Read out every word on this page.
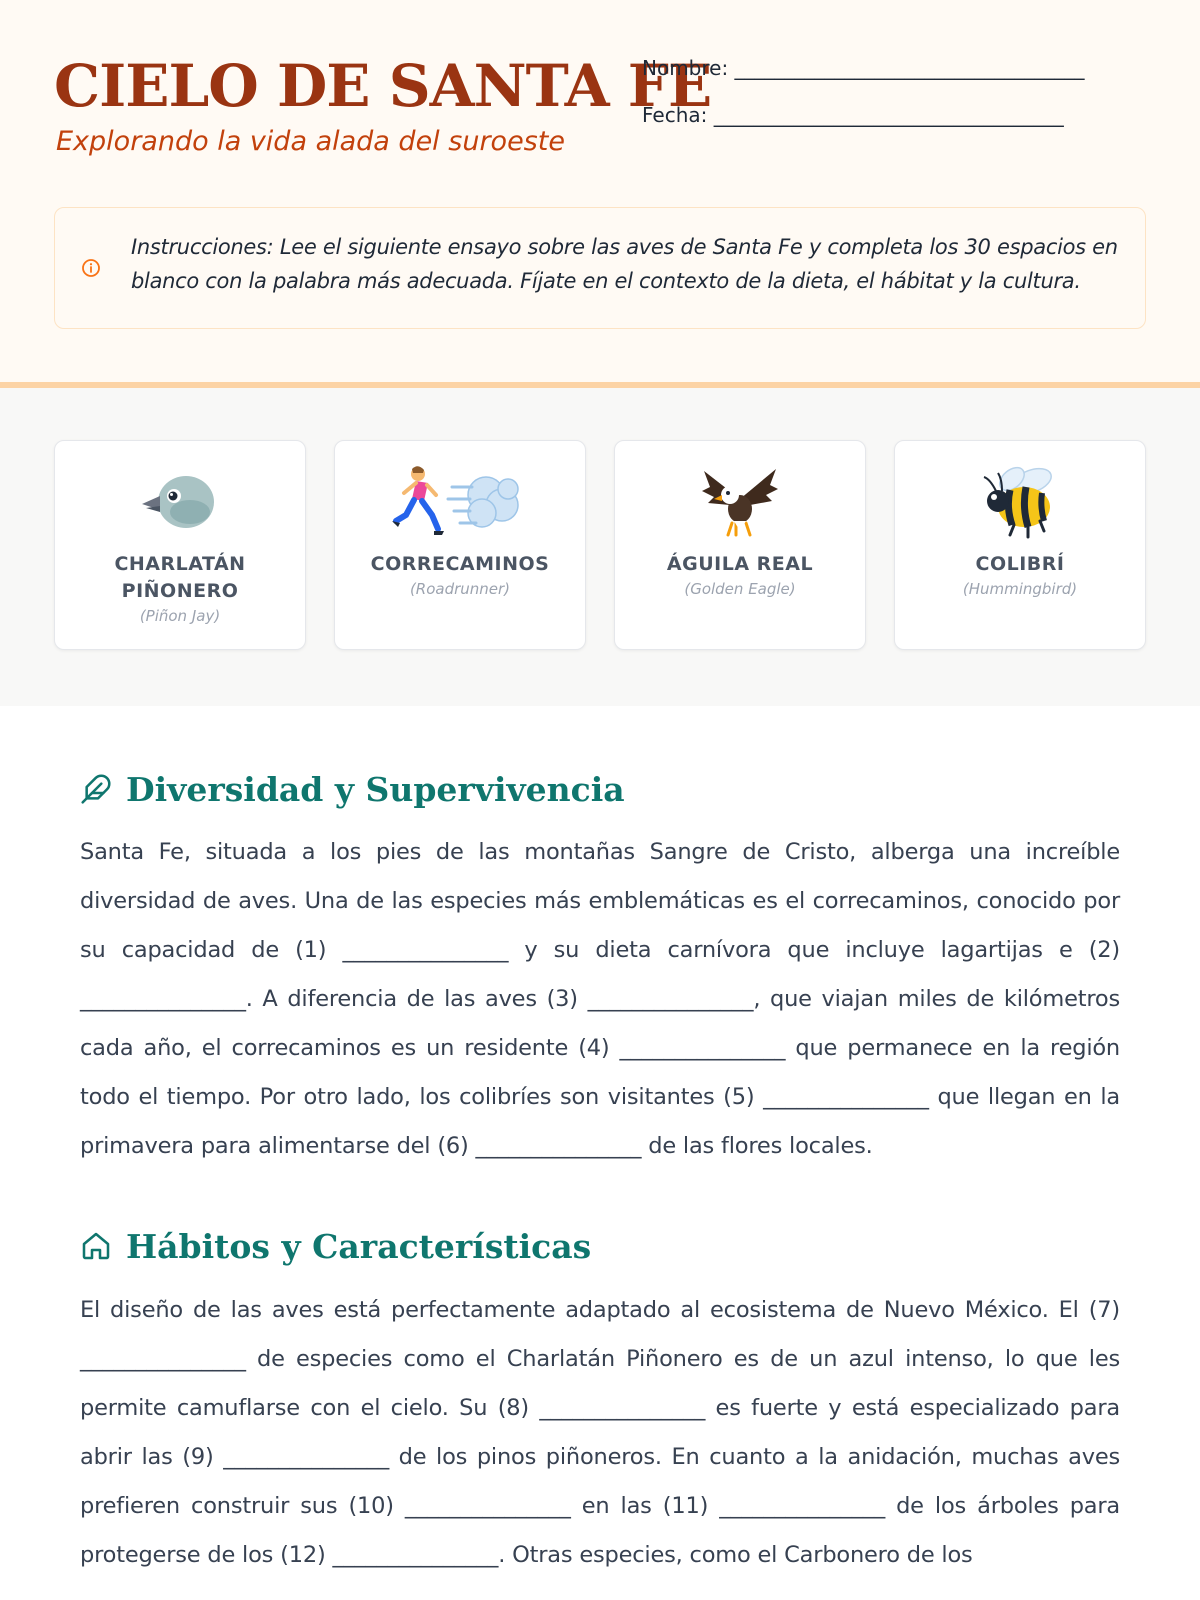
CIELO DE SANTA FE
Explorando la vida alada del suroeste
Nombre: ___________________________________
Fecha: ___________________________________

Instrucciones: Lee el siguiente ensayo sobre las aves de Santa Fe y completa los 30 espacios en blanco con la palabra más adecuada. Fíjate en el contexto de la dieta, el hábitat y la cultura.

CHARLATÁN PIÑONERO
(Piñon Jay)
CORRECAMINOS
(Roadrunner)
ÁGUILA REAL
(Golden Eagle)
COLIBRÍ
(Hummingbird)
Diversidad y Supervivencia

Santa Fe, situada a los pies de las montañas Sangre de Cristo, alberga una increíble diversidad de aves. Una de las especies más emblemáticas es el correcaminos, conocido por su capacidad de (1) _______________ y su dieta carnívora que incluye lagartijas e (2) _______________. A diferencia de las aves (3) _______________, que viajan miles de kilómetros cada año, el correcaminos es un residente (4) _______________ que permanece en la región todo el tiempo. Por otro lado, los colibríes son visitantes (5) _______________ que llegan en la primavera para alimentarse del (6) _______________ de las flores locales.

Hábitos y Características

El diseño de las aves está perfectamente adaptado al ecosistema de Nuevo México. El (7) _______________ de especies como el Charlatán Piñonero es de un azul intenso, lo que les permite camuflarse con el cielo. Su (8) _______________ es fuerte y está especializado para abrir las (9) _______________ de los pinos piñoneros. En cuanto a la anidación, muchas aves prefieren construir sus (10) _______________ en las (11) _______________ de los árboles para protegerse de los (12) _______________. Otras especies, como el Carbonero de los
